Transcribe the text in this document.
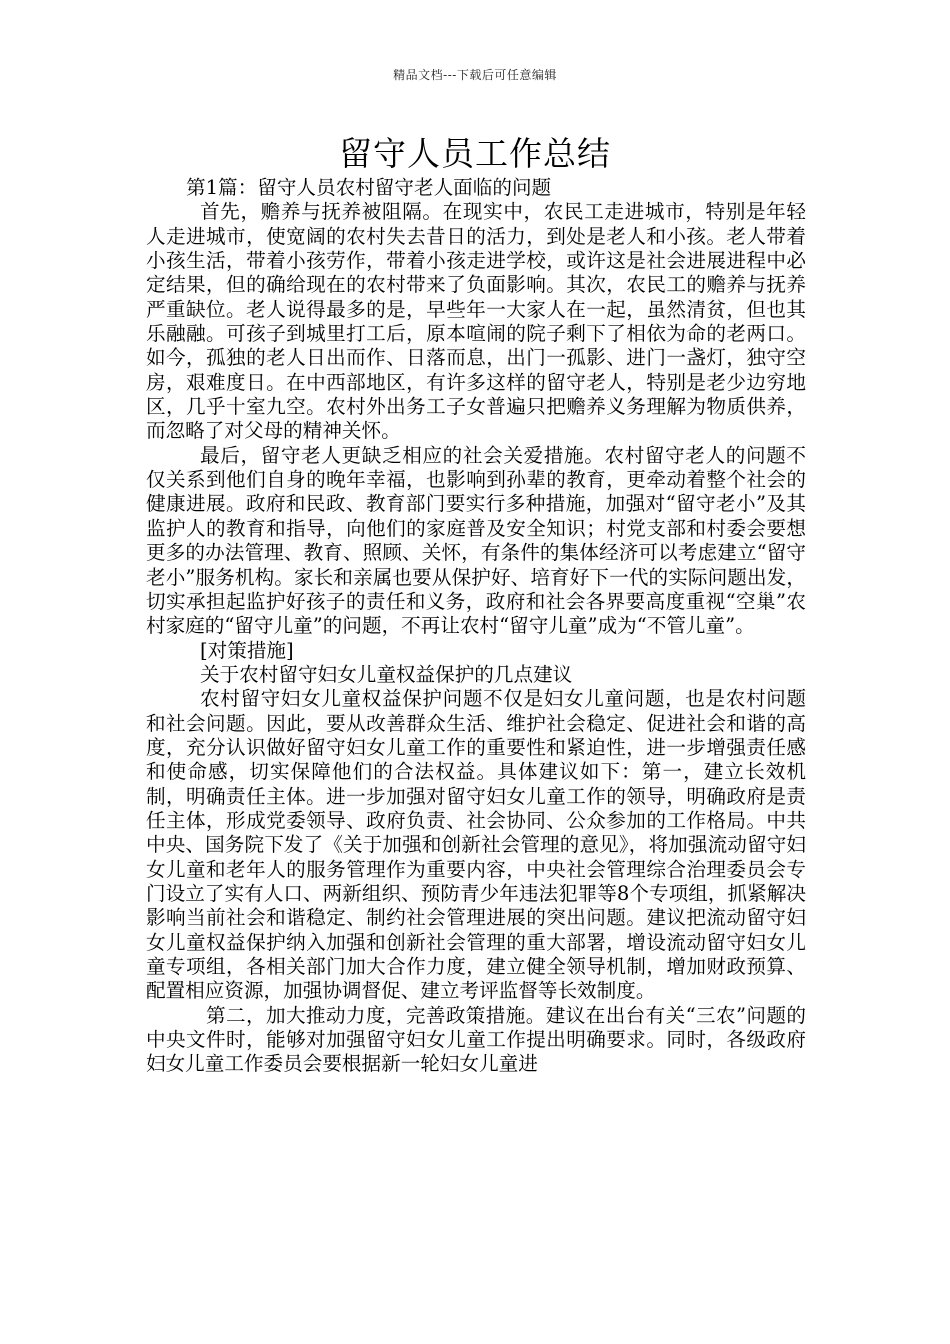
精品文档---下载后可任意编辑
留守人员工作总结

第1篇：留守人员农村留守老人面临的问题

首先，赡养与抚养被阻隔。在现实中，农民工走进城市，特别是年轻人走进城市，使宽阔的农村失去昔日的活力，到处是老人和小孩。老人带着小孩生活，带着小孩劳作，带着小孩走进学校，或许这是社会进展进程中必定结果，但的确给现在的农村带来了负面影响。其次，农民工的赡养与抚养严重缺位。老人说得最多的是，早些年一大家人在一起，虽然清贫，但也其乐融融。可孩子到城里打工后，原本喧闹的院子剩下了相依为命的老两口。如今，孤独的老人日出而作、日落而息，出门一孤影、进门一盏灯，独守空房，艰难度日。在中西部地区，有许多这样的留守老人，特别是老少边穷地区，几乎十室九空。农村外出务工子女普遍只把赡养义务理解为物质供养，而忽略了对父母的精神关怀。

最后，留守老人更缺乏相应的社会关爱措施。农村留守老人的问题不仅关系到他们自身的晚年幸福，也影响到孙辈的教育，更牵动着整个社会的健康进展。政府和民政、教育部门要实行多种措施，加强对“留守老小”及其监护人的教育和指导，向他们的家庭普及安全知识；村党支部和村委会要想更多的办法管理、教育、照顾、关怀，有条件的集体经济可以考虑建立“留守老小”服务机构。家长和亲属也要从保护好、培育好下一代的实际问题出发，切实承担起监护好孩子的责任和义务，政府和社会各界要高度重视“空巢”农村家庭的“留守儿童”的问题，不再让农村“留守儿童”成为“不管儿童”。

[对策措施]

关于农村留守妇女儿童权益保护的几点建议

农村留守妇女儿童权益保护问题不仅是妇女儿童问题，也是农村问题和社会问题。因此，要从改善群众生活、维护社会稳定、促进社会和谐的高度，充分认识做好留守妇女儿童工作的重要性和紧迫性，进一步增强责任感和使命感，切实保障他们的合法权益。具体建议如下：第一，建立长效机制，明确责任主体。进一步加强对留守妇女儿童工作的领导，明确政府是责任主体，形成党委领导、政府负责、社会协同、公众参加的工作格局。中共中央、国务院下发了《关于加强和创新社会管理的意见》，将加强流动留守妇女儿童和老年人的服务管理作为重要内容，中央社会管理综合治理委员会专门设立了实有人口、两新组织、预防青少年违法犯罪等8个专项组，抓紧解决影响当前社会和谐稳定、制约社会管理进展的突出问题。建议把流动留守妇女儿童权益保护纳入加强和创新社会管理的重大部署，增设流动留守妇女儿童专项组，各相关部门加大合作力度，建立健全领导机制，增加财政预算、配置相应资源，加强协调督促、建立考评监督等长效制度。

第二，加大推动力度，完善政策措施。建议在出台有关“三农”问题的中央文件时，能够对加强留守妇女儿童工作提出明确要求。同时，各级政府妇女儿童工作委员会要根据新一轮妇女儿童进
